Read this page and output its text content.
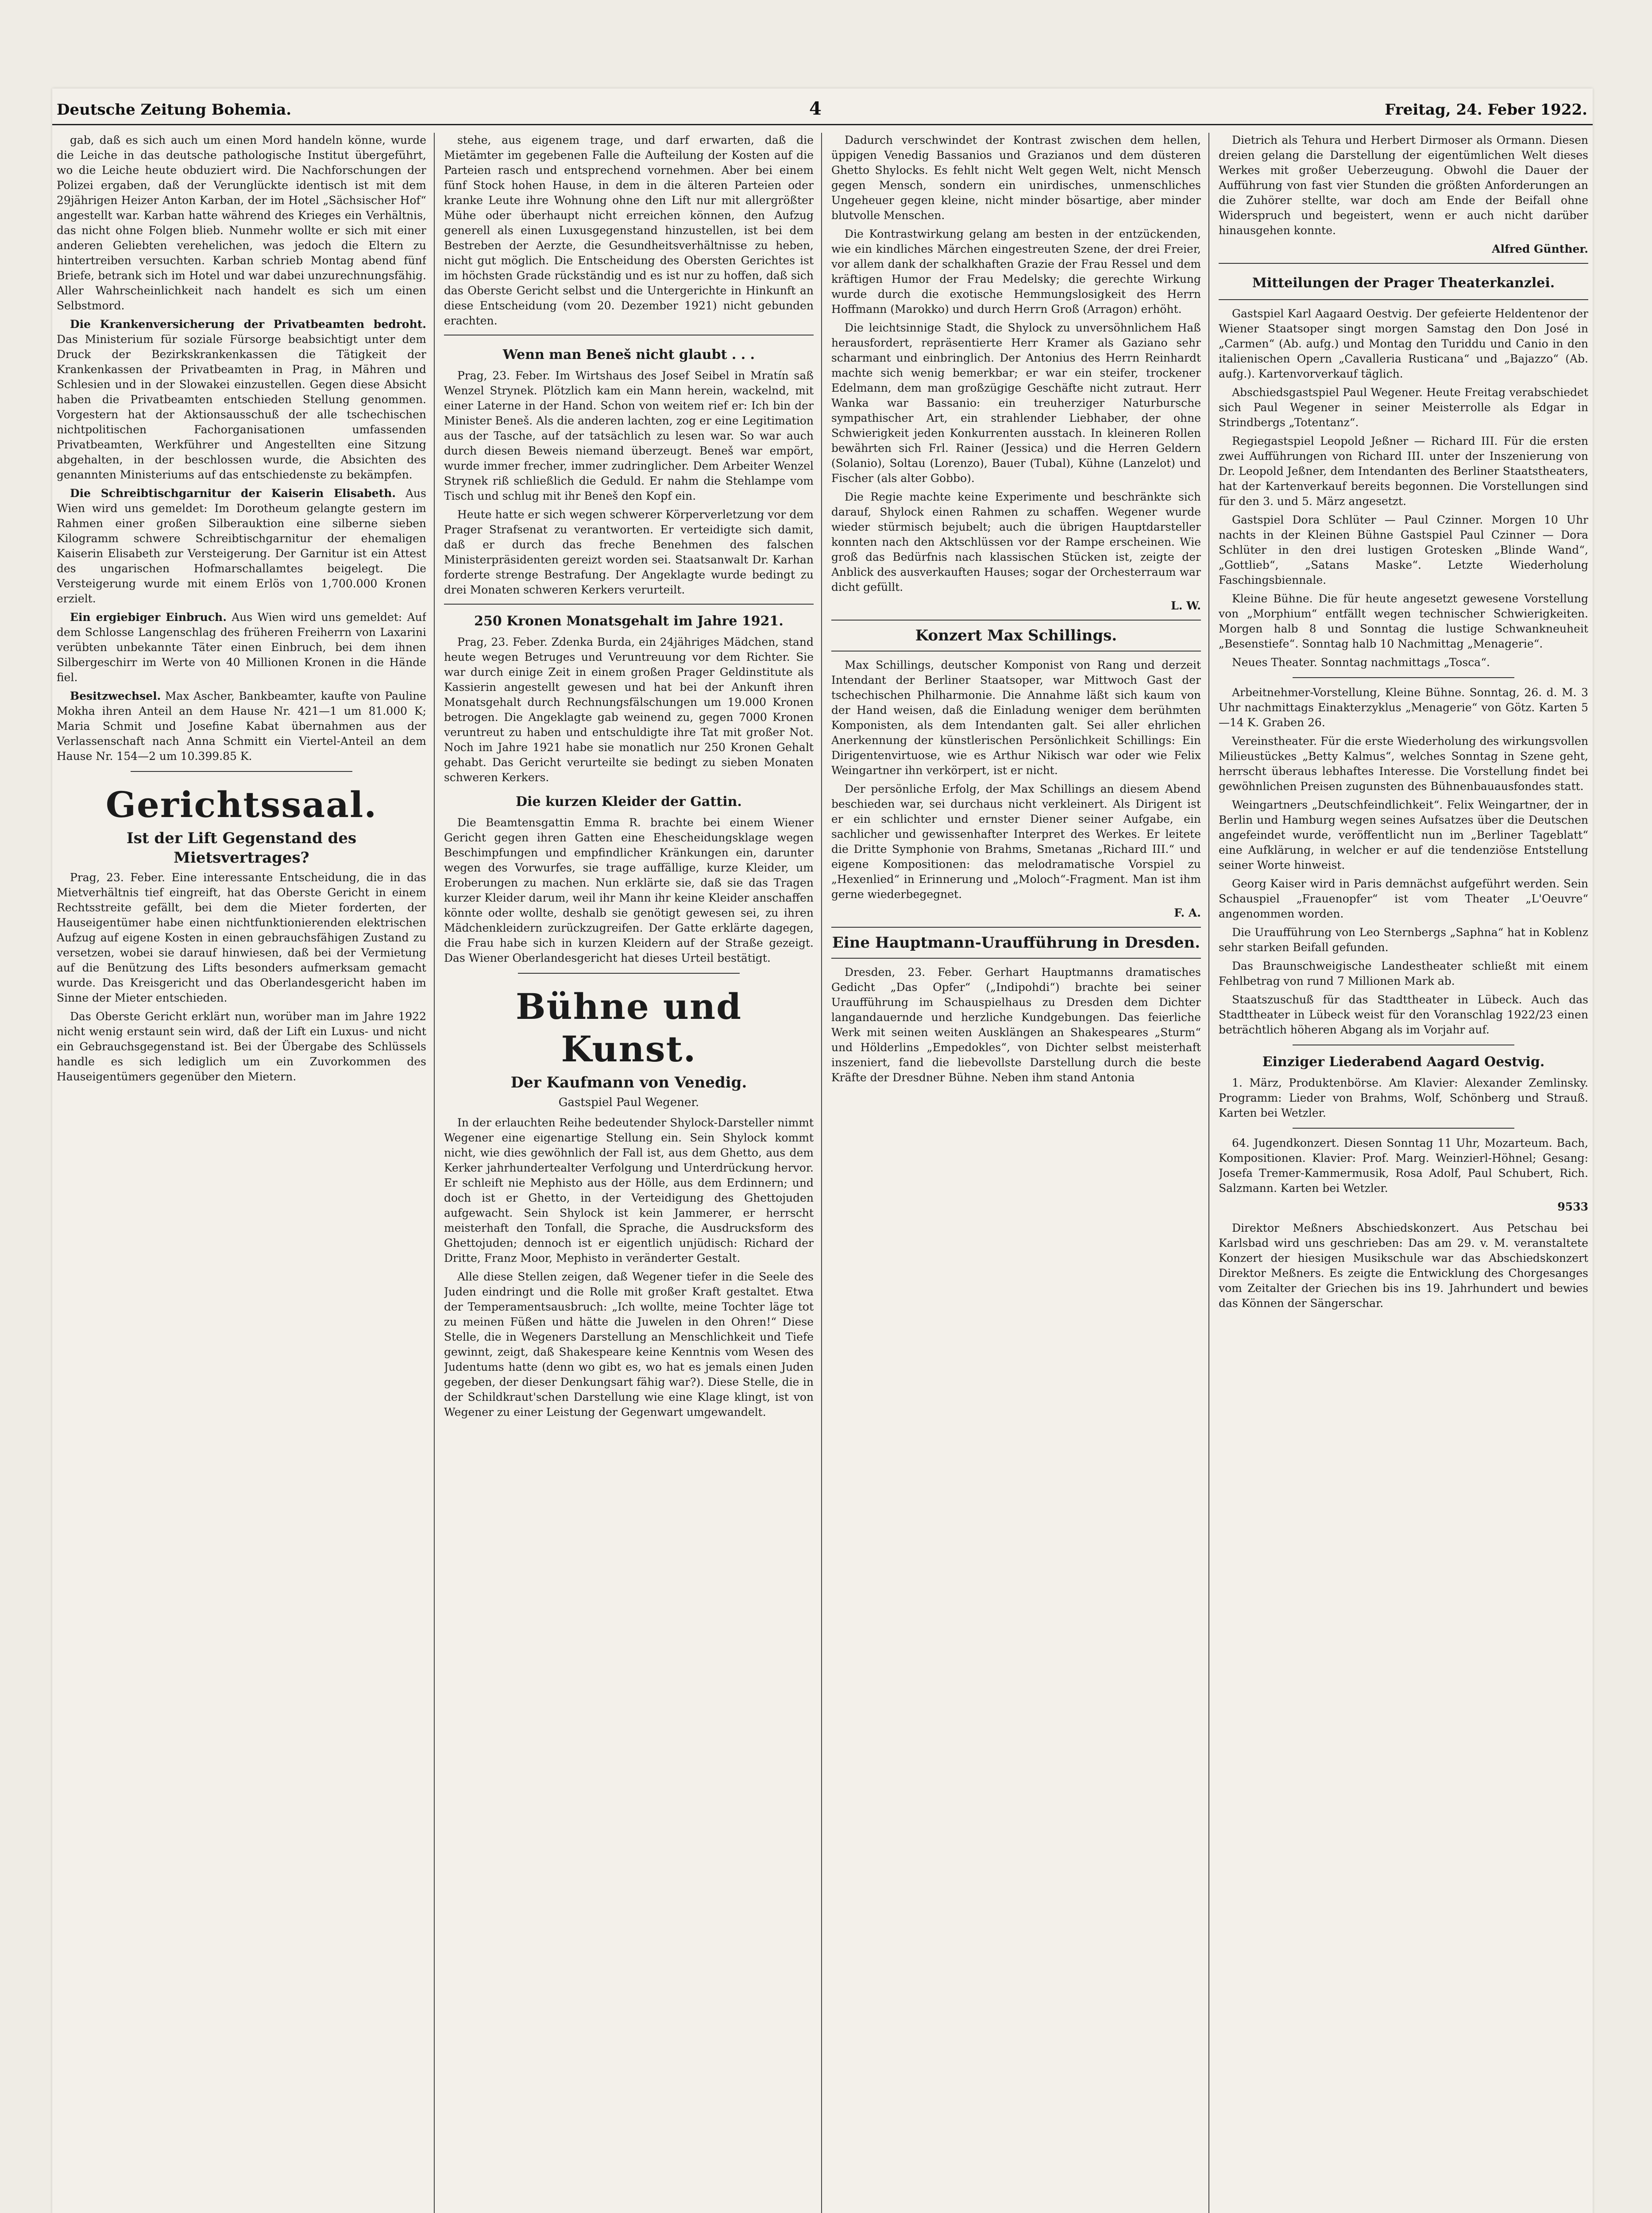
Deutsche Zeitung Bohemia.	4	Freitag, 24. Feber 1922.

gab, daß es sich auch um einen Mord handeln könne, wurde die Leiche in das deutsche pathologische Institut übergeführt, wo die Leiche heute obduziert wird. Die Nachforschungen der Polizei ergaben, daß der Verunglückte identisch ist mit dem 29jährigen Heizer Anton Karban, der im Hotel „Sächsischer Hof“ angestellt war. Karban hatte während des Krieges ein Verhältnis, das nicht ohne Folgen blieb. Nunmehr wollte er sich mit einer anderen Geliebten verehelichen, was jedoch die Eltern zu hintertreiben versuchten. Karban schrieb Montag abend fünf Briefe, betrank sich im Hotel und war dabei unzurechnungsfähig. Aller Wahrscheinlichkeit nach handelt es sich um einen Selbstmord.

Die Krankenversicherung der Privatbeamten bedroht. Das Ministerium für soziale Fürsorge beabsichtigt unter dem Druck der Bezirkskrankenkassen die Tätigkeit der Krankenkassen der Privatbeamten in Prag, in Mähren und Schlesien und in der Slowakei einzustellen. Gegen diese Absicht haben die Privatbeamten entschieden Stellung genommen. Vorgestern hat der Aktionsausschuß der alle tschechischen nichtpolitischen Fachorganisationen umfassenden Privatbeamten, Werkführer und Angestellten eine Sitzung abgehalten, in der beschlossen wurde, die Absichten des genannten Ministeriums auf das entschiedenste zu bekämpfen.

Die Schreibtischgarnitur der Kaiserin Elisabeth. Aus Wien wird uns gemeldet: Im Dorotheum gelangte gestern im Rahmen einer großen Silberauktion eine silberne sieben Kilogramm schwere Schreibtischgarnitur der ehemaligen Kaiserin Elisabeth zur Versteigerung. Der Garnitur ist ein Attest des ungarischen Hofmarschallamtes beigelegt. Die Versteigerung wurde mit einem Erlös von 1,700.000 Kronen erzielt.

Ein ergiebiger Einbruch. Aus Wien wird uns gemeldet: Auf dem Schlosse Langenschlag des früheren Freiherrn von Laxarini verübten unbekannte Täter einen Einbruch, bei dem ihnen Silbergeschirr im Werte von 40 Millionen Kronen in die Hände fiel.

Besitzwechsel. Max Ascher, Bankbeamter, kaufte von Pauline Mokha ihren Anteil an dem Hause Nr. 421—1 um 81.000 K; Maria Schmit und Josefine Kabat übernahmen aus der Verlassenschaft nach Anna Schmitt ein Viertel-Anteil an dem Hause Nr. 154—2 um 10.399.85 K.

Gerichtssaal.
Ist der Lift Gegenstand des Mietsvertrages?

Prag, 23. Feber. Eine interessante Entscheidung, die in das Mietverhältnis tief eingreift, hat das Oberste Gericht in einem Rechtsstreite gefällt, bei dem die Mieter forderten, der Hauseigentümer habe einen nichtfunktionierenden elektrischen Aufzug auf eigene Kosten in einen gebrauchsfähigen Zustand zu versetzen, wobei sie darauf hinwiesen, daß bei der Vermietung auf die Benützung des Lifts besonders aufmerksam gemacht wurde. Das Kreisgericht und das Oberlandesgericht haben im Sinne der Mieter entschieden.

Das Oberste Gericht erklärt nun, worüber man im Jahre 1922 nicht wenig erstaunt sein wird, daß der Lift ein Luxus- und nicht ein Gebrauchsgegenstand ist. Bei der Übergabe des Schlüssels handle es sich lediglich um ein Zuvorkommen des Hauseigentümers gegenüber den Mietern.

stehe, aus eigenem trage, und darf erwarten, daß die Mietämter im gegebenen Falle die Aufteilung der Kosten auf die Parteien rasch und entsprechend vornehmen. Aber bei einem fünf Stock hohen Hause, in dem in die älteren Parteien oder kranke Leute ihre Wohnung ohne den Lift nur mit allergrößter Mühe oder überhaupt nicht erreichen können, den Aufzug generell als einen Luxusgegenstand hinzustellen, ist bei dem Bestreben der Aerzte, die Gesundheitsverhältnisse zu heben, nicht gut möglich. Die Entscheidung des Obersten Gerichtes ist im höchsten Grade rückständig und es ist nur zu hoffen, daß sich das Oberste Gericht selbst und die Untergerichte in Hinkunft an diese Entscheidung (vom 20. Dezember 1921) nicht gebunden erachten.

Wenn man Beneš nicht glaubt . . .

Prag, 23. Feber. Im Wirtshaus des Josef Seibel in Mratín saß Wenzel Strynek. Plötzlich kam ein Mann herein, wackelnd, mit einer Laterne in der Hand. Schon von weitem rief er: Ich bin der Minister Beneš. Als die anderen lachten, zog er eine Legitimation aus der Tasche, auf der tatsächlich zu lesen war. So war auch durch diesen Beweis niemand überzeugt. Beneš war empört, wurde immer frecher, immer zudringlicher. Dem Arbeiter Wenzel Strynek riß schließlich die Geduld. Er nahm die Stehlampe vom Tisch und schlug mit ihr Beneš den Kopf ein.

Heute hatte er sich wegen schwerer Körperverletzung vor dem Prager Strafsenat zu verantworten. Er verteidigte sich damit, daß er durch das freche Benehmen des falschen Ministerpräsidenten gereizt worden sei. Staatsanwalt Dr. Karhan forderte strenge Bestrafung. Der Angeklagte wurde bedingt zu drei Monaten schweren Kerkers verurteilt.

250 Kronen Monatsgehalt im Jahre 1921.

Prag, 23. Feber. Zdenka Burda, ein 24jähriges Mädchen, stand heute wegen Betruges und Veruntreuung vor dem Richter. Sie war durch einige Zeit in einem großen Prager Geldinstitute als Kassierin angestellt gewesen und hat bei der Ankunft ihren Monatsgehalt durch Rechnungsfälschungen um 19.000 Kronen betrogen. Die Angeklagte gab weinend zu, gegen 7000 Kronen veruntreut zu haben und entschuldigte ihre Tat mit großer Not. Noch im Jahre 1921 habe sie monatlich nur 250 Kronen Gehalt gehabt. Das Gericht verurteilte sie bedingt zu sieben Monaten schweren Kerkers.

Die kurzen Kleider der Gattin.

Die Beamtensgattin Emma R. brachte bei einem Wiener Gericht gegen ihren Gatten eine Ehescheidungsklage wegen Beschimpfungen und empfindlicher Kränkungen ein, darunter wegen des Vorwurfes, sie trage auffällige, kurze Kleider, um Eroberungen zu machen. Nun erklärte sie, daß sie das Tragen kurzer Kleider darum, weil ihr Mann ihr keine Kleider anschaffen könnte oder wollte, deshalb sie genötigt gewesen sei, zu ihren Mädchenkleidern zurückzugreifen. Der Gatte erklärte dagegen, die Frau habe sich in kurzen Kleidern auf der Straße gezeigt. Das Wiener Oberlandesgericht hat dieses Urteil bestätigt.

Bühne und Kunst.
Der Kaufmann von Venedig.
Gastspiel Paul Wegener.

In der erlauchten Reihe bedeutender Shylock-Darsteller nimmt Wegener eine eigenartige Stellung ein. Sein Shylock kommt nicht, wie dies gewöhnlich der Fall ist, aus dem Ghetto, aus dem Kerker jahrhundertealter Verfolgung und Unterdrückung hervor. Er schleift nie Mephisto aus der Hölle, aus dem Erdinnern; und doch ist er Ghetto, in der Verteidigung des Ghettojuden aufgewacht. Sein Shylock ist kein Jammerer, er herrscht meisterhaft den Tonfall, die Sprache, die Ausdrucksform des Ghettojuden; dennoch ist er eigentlich unjüdisch: Richard der Dritte, Franz Moor, Mephisto in veränderter Gestalt.

Alle diese Stellen zeigen, daß Wegener tiefer in die Seele des Juden eindringt und die Rolle mit großer Kraft gestaltet. Etwa der Temperamentsausbruch: „Ich wollte, meine Tochter läge tot zu meinen Füßen und hätte die Juwelen in den Ohren!“ Diese Stelle, die in Wegeners Darstellung an Menschlichkeit und Tiefe gewinnt, zeigt, daß Shakespeare keine Kenntnis vom Wesen des Judentums hatte (denn wo gibt es, wo hat es jemals einen Juden gegeben, der dieser Denkungsart fähig war?). Diese Stelle, die in der Schildkraut'schen Darstellung wie eine Klage klingt, ist von Wegener zu einer Leistung der Gegenwart umgewandelt.

Dadurch verschwindet der Kontrast zwischen dem hellen, üppigen Venedig Bassanios und Grazianos und dem düsteren Ghetto Shylocks. Es fehlt nicht Welt gegen Welt, nicht Mensch gegen Mensch, sondern ein unirdisches, unmenschliches Ungeheuer gegen kleine, nicht minder bösartige, aber minder blutvolle Menschen.

Die Kontrastwirkung gelang am besten in der entzückenden, wie ein kindliches Märchen eingestreuten Szene, der drei Freier, vor allem dank der schalkhaften Grazie der Frau Ressel und dem kräftigen Humor der Frau Medelsky; die gerechte Wirkung wurde durch die exotische Hemmungslosigkeit des Herrn Hoffmann (Marokko) und durch Herrn Groß (Arragon) erhöht.

Die leichtsinnige Stadt, die Shylock zu unversöhnlichem Haß herausfordert, repräsentierte Herr Kramer als Gaziano sehr scharmant und einbringlich. Der Antonius des Herrn Reinhardt machte sich wenig bemerkbar; er war ein steifer, trockener Edelmann, dem man großzügige Geschäfte nicht zutraut. Herr Wanka war Bassanio: ein treuherziger Naturbursche sympathischer Art, ein strahlender Liebhaber, der ohne Schwierigkeit jeden Konkurrenten ausstach. In kleineren Rollen bewährten sich Frl. Rainer (Jessica) und die Herren Geldern (Solanio), Soltau (Lorenzo), Bauer (Tubal), Kühne (Lanzelot) und Fischer (als alter Gobbo).

Die Regie machte keine Experimente und beschränkte sich darauf, Shylock einen Rahmen zu schaffen. Wegener wurde wieder stürmisch bejubelt; auch die übrigen Hauptdarsteller konnten nach den Aktschlüssen vor der Rampe erscheinen. Wie groß das Bedürfnis nach klassischen Stücken ist, zeigte der Anblick des ausverkauften Hauses; sogar der Orchesterraum war dicht gefüllt.

L. W.
Konzert Max Schillings.

Max Schillings, deutscher Komponist von Rang und derzeit Intendant der Berliner Staatsoper, war Mittwoch Gast der tschechischen Philharmonie. Die Annahme läßt sich kaum von der Hand weisen, daß die Einladung weniger dem berühmten Komponisten, als dem Intendanten galt. Sei aller ehrlichen Anerkennung der künstlerischen Persönlichkeit Schillings: Ein Dirigentenvirtuose, wie es Arthur Nikisch war oder wie Felix Weingartner ihn verkörpert, ist er nicht.

Der persönliche Erfolg, der Max Schillings an diesem Abend beschieden war, sei durchaus nicht verkleinert. Als Dirigent ist er ein schlichter und ernster Diener seiner Aufgabe, ein sachlicher und gewissenhafter Interpret des Werkes. Er leitete die Dritte Symphonie von Brahms, Smetanas „Richard III.“ und eigene Kompositionen: das melodramatische Vorspiel zu „Hexenlied“ in Erinnerung und „Moloch“-Fragment. Man ist ihm gerne wiederbegegnet.

F. A.
Eine Hauptmann-Uraufführung in Dresden.

Dresden, 23. Feber. Gerhart Hauptmanns dramatisches Gedicht „Das Opfer“ („Indipohdi“) brachte bei seiner Uraufführung im Schauspielhaus zu Dresden dem Dichter langandauernde und herzliche Kundgebungen. Das feierliche Werk mit seinen weiten Ausklängen an Shakespeares „Sturm“ und Hölderlins „Empedokles“, von Dichter selbst meisterhaft inszeniert, fand die liebevollste Darstellung durch die beste Kräfte der Dresdner Bühne. Neben ihm stand Antonia

Dietrich als Tehura und Herbert Dirmoser als Ormann. Diesen dreien gelang die Darstellung der eigentümlichen Welt dieses Werkes mit großer Ueberzeugung. Obwohl die Dauer der Aufführung von fast vier Stunden die größten Anforderungen an die Zuhörer stellte, war doch am Ende der Beifall ohne Widerspruch und begeistert, wenn er auch nicht darüber hinausgehen konnte.

Alfred Günther.
Mitteilungen der Prager Theaterkanzlei.

Gastspiel Karl Aagaard Oestvig. Der gefeierte Heldentenor der Wiener Staatsoper singt morgen Samstag den Don José in „Carmen“ (Ab. aufg.) und Montag den Turiddu und Canio in den italienischen Opern „Cavalleria Rusticana“ und „Bajazzo“ (Ab. aufg.). Kartenvorverkauf täglich.

Abschiedsgastspiel Paul Wegener. Heute Freitag verabschiedet sich Paul Wegener in seiner Meisterrolle als Edgar in Strindbergs „Totentanz“.

Regiegastspiel Leopold Jeßner — Richard III. Für die ersten zwei Aufführungen von Richard III. unter der Inszenierung von Dr. Leopold Jeßner, dem Intendanten des Berliner Staatstheaters, hat der Kartenverkauf bereits begonnen. Die Vorstellungen sind für den 3. und 5. März angesetzt.

Gastspiel Dora Schlüter — Paul Czinner. Morgen 10 Uhr nachts in der Kleinen Bühne Gastspiel Paul Czinner — Dora Schlüter in den drei lustigen Grotesken „Blinde Wand“, „Gottlieb“, „Satans Maske“. Letzte Wiederholung Faschingsbiennale.

Kleine Bühne. Die für heute angesetzt gewesene Vorstellung von „Morphium“ entfällt wegen technischer Schwierigkeiten. Morgen halb 8 und Sonntag die lustige Schwankneuheit „Besenstiefe“. Sonntag halb 10 Nachmittag „Menagerie“.

Neues Theater. Sonntag nachmittags „Tosca“.

Arbeitnehmer-Vorstellung, Kleine Bühne. Sonntag, 26. d. M. 3 Uhr nachmittags Einakterzyklus „Menagerie“ von Götz. Karten 5—14 K. Graben 26.

Vereinstheater. Für die erste Wiederholung des wirkungsvollen Milieustückes „Betty Kalmus“, welches Sonntag in Szene geht, herrscht überaus lebhaftes Interesse. Die Vorstellung findet bei gewöhnlichen Preisen zugunsten des Bühnenbauausfondes statt.

Weingartners „Deutschfeindlichkeit“. Felix Weingartner, der in Berlin und Hamburg wegen seines Aufsatzes über die Deutschen angefeindet wurde, veröffentlicht nun im „Berliner Tageblatt“ eine Aufklärung, in welcher er auf die tendenziöse Entstellung seiner Worte hinweist.

Georg Kaiser wird in Paris demnächst aufgeführt werden. Sein Schauspiel „Frauenopfer“ ist vom Theater „L'Oeuvre“ angenommen worden.

Die Uraufführung von Leo Sternbergs „Saphna“ hat in Koblenz sehr starken Beifall gefunden.

Das Braunschweigische Landestheater schließt mit einem Fehlbetrag von rund 7 Millionen Mark ab.

Staatszuschuß für das Stadttheater in Lübeck. Auch das Stadttheater in Lübeck weist für den Voranschlag 1922/23 einen beträchtlich höheren Abgang als im Vorjahr auf.

Einziger Liederabend Aagard Oestvig.

1. März, Produktenbörse. Am Klavier: Alexander Zemlinsky. Programm: Lieder von Brahms, Wolf, Schönberg und Strauß. Karten bei Wetzler.

64. Jugendkonzert. Diesen Sonntag 11 Uhr, Mozarteum. Bach, Kompositionen. Klavier: Prof. Marg. Weinzierl-Höhnel; Gesang: Josefa Tremer-Kammermusik, Rosa Adolf, Paul Schubert, Rich. Salzmann. Karten bei Wetzler.

9533

Direktor Meßners Abschiedskonzert. Aus Petschau bei Karlsbad wird uns geschrieben: Das am 29. v. M. veranstaltete Konzert der hiesigen Musikschule war das Abschiedskonzert Direktor Meßners. Es zeigte die Entwicklung des Chorgesanges vom Zeitalter der Griechen bis ins 19. Jahrhundert und bewies das Können der Sängerschar.
